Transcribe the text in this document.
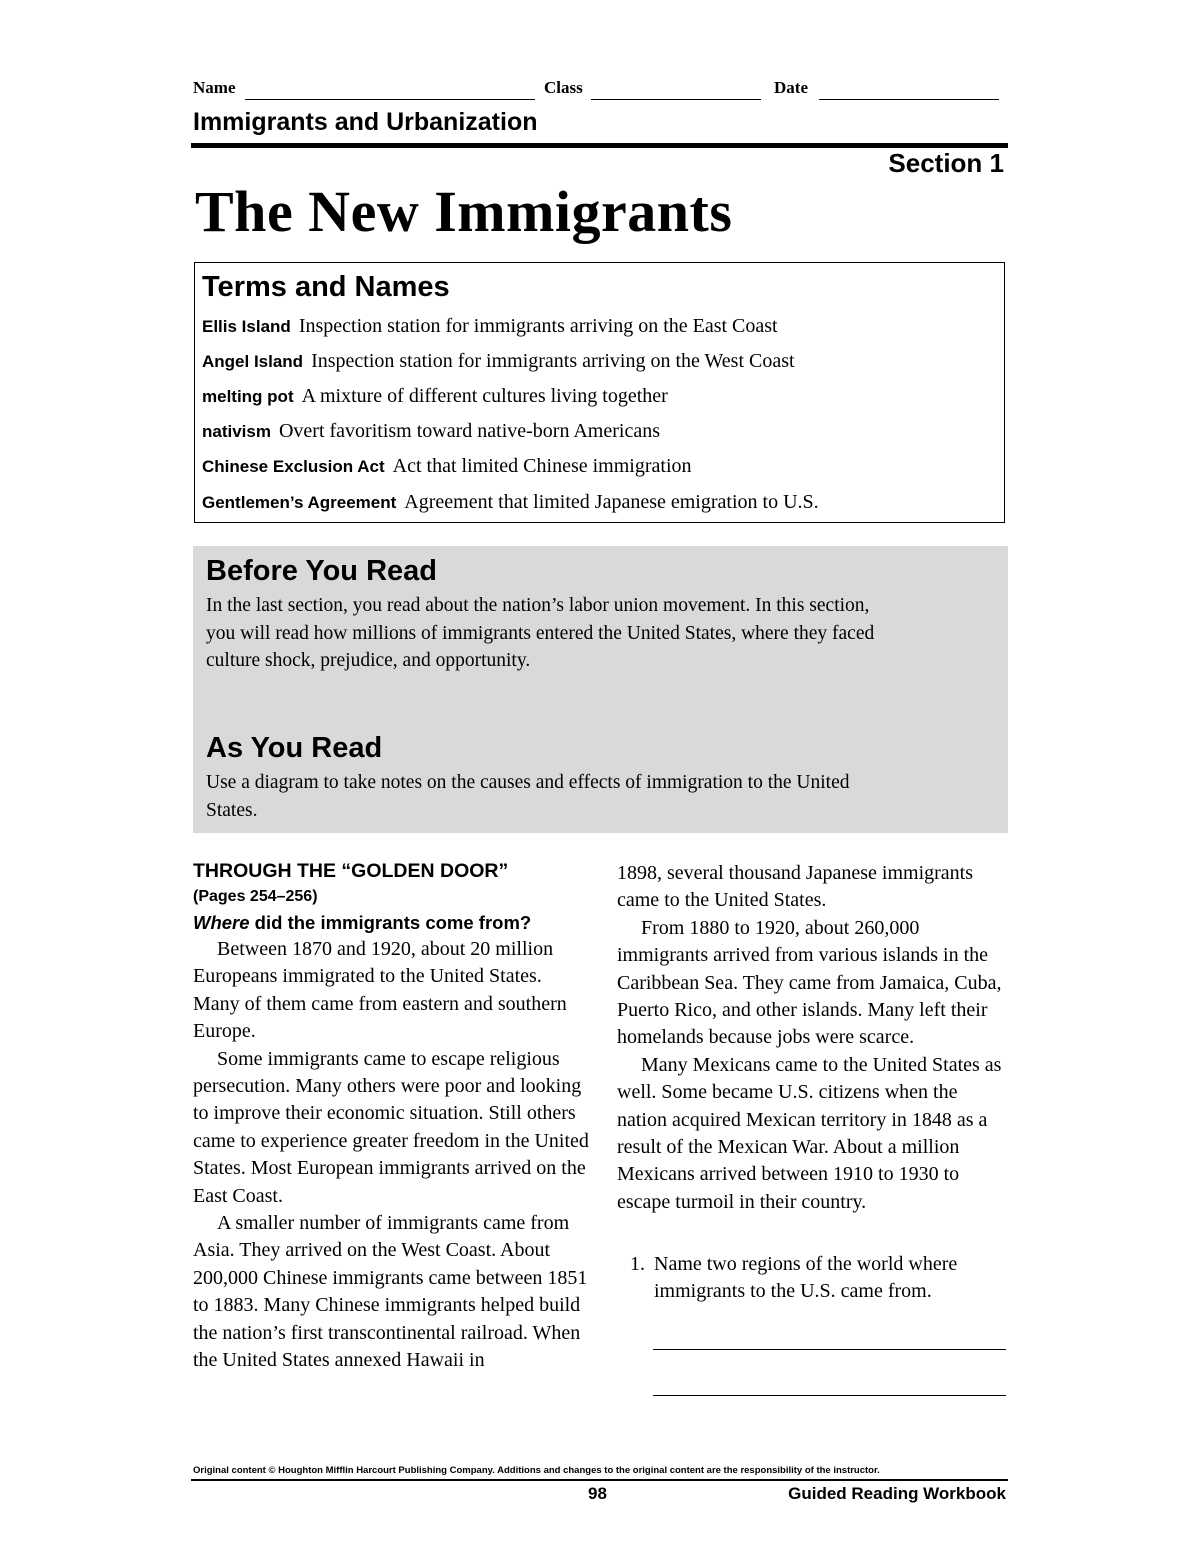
Name	Class	Date
Immigrants and Urbanization
Section 1
The New Immigrants
Terms and Names
Ellis Island Inspection station for immigrants arriving on the East Coast
Angel Island Inspection station for immigrants arriving on the West Coast
melting pot A mixture of different cultures living together
nativism Overt favoritism toward native-born Americans
Chinese Exclusion Act Act that limited Chinese immigration
Gentlemen’s Agreement Agreement that limited Japanese emigration to U.S.
Before You Read
In the last section, you read about the nation’s labor union movement. In this section, you will read how millions of immigrants entered the United States, where they faced culture shock, prejudice, and opportunity.
As You Read
Use a diagram to take notes on the causes and effects of immigration to the United States.
THROUGH THE “GOLDEN DOOR”
(Pages 254–256)
Where did the immigrants come from?

Between 1870 and 1920, about 20 million Europeans immigrated to the United States. Many of them came from eastern and southern Europe.

Some immigrants came to escape religious persecution. Many others were poor and looking to improve their economic situation. Still others came to experience greater freedom in the United States. Most European immigrants arrived on the East Coast.

A smaller number of immigrants came from Asia. They arrived on the West Coast. About 200,000 Chinese immigrants came between 1851 to 1883. Many Chinese immigrants helped build the nation’s first transcontinental railroad. When the United States annexed Hawaii in

1898, several thousand Japanese immigrants came to the United States.

From 1880 to 1920, about 260,000 immigrants arrived from various islands in the Caribbean Sea. They came from Jamaica, Cuba, Puerto Rico, and other islands. Many left their homelands because jobs were scarce.

Many Mexicans came to the United States as well. Some became U.S. citizens when the nation acquired Mexican territory in 1848 as a result of the Mexican War. About a million Mexicans arrived between 1910 to 1930 to escape turmoil in their country.

1. Name two regions of the world where immigrants to the U.S. came from.
Original content © Houghton Mifflin Harcourt Publishing Company. Additions and changes to the original content are the responsibility of the instructor.
98	Guided Reading Workbook
